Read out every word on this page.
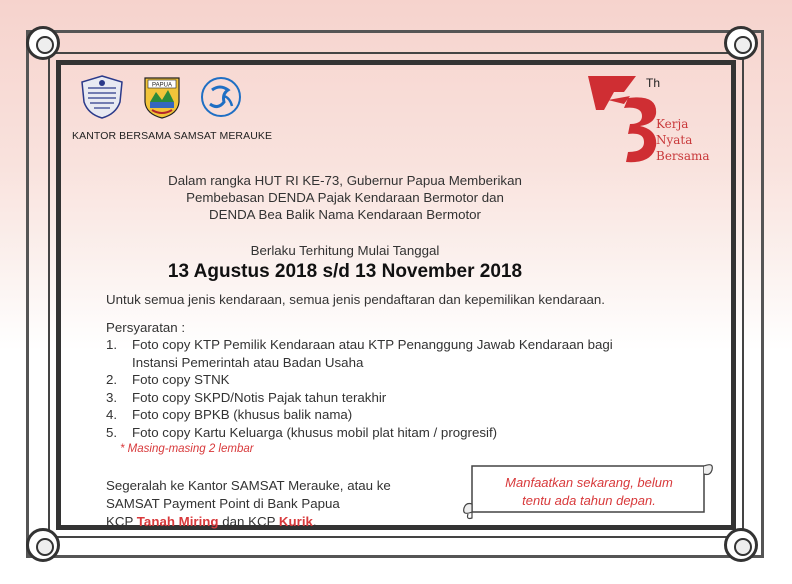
PAPUA
KANTOR BERSAMA SAMSAT MERAUKE
Th
Kerja
Nyata
Bersama
Dalam rangka HUT RI KE-73, Gubernur Papua Memberikan
Pembebasan DENDA Pajak Kendaraan Bermotor dan
DENDA Bea Balik Nama Kendaraan Bermotor
Berlaku Terhitung Mulai Tanggal
13 Agustus 2018 s/d 13 November 2018
Untuk semua jenis kendaraan, semua jenis pendaftaran dan kepemilikan kendaraan.
Persyaratan :
1. Foto copy KTP Pemilik Kendaraan atau KTP Penanggung Jawab Kendaraan bagi
Instansi Pemerintah atau Badan Usaha
2. Foto copy STNK
3. Foto copy SKPD/Notis Pajak tahun terakhir
4. Foto copy BPKB (khusus balik nama)
5. Foto copy Kartu Keluarga (khusus mobil plat hitam / progresif)
* Masing-masing 2 lembar
Segeralah ke Kantor SAMSAT Merauke, atau ke
SAMSAT Payment Point di Bank Papua
KCP Tanah Miring dan KCP Kurik.
Manfaatkan sekarang, belum
tentu ada tahun depan.
